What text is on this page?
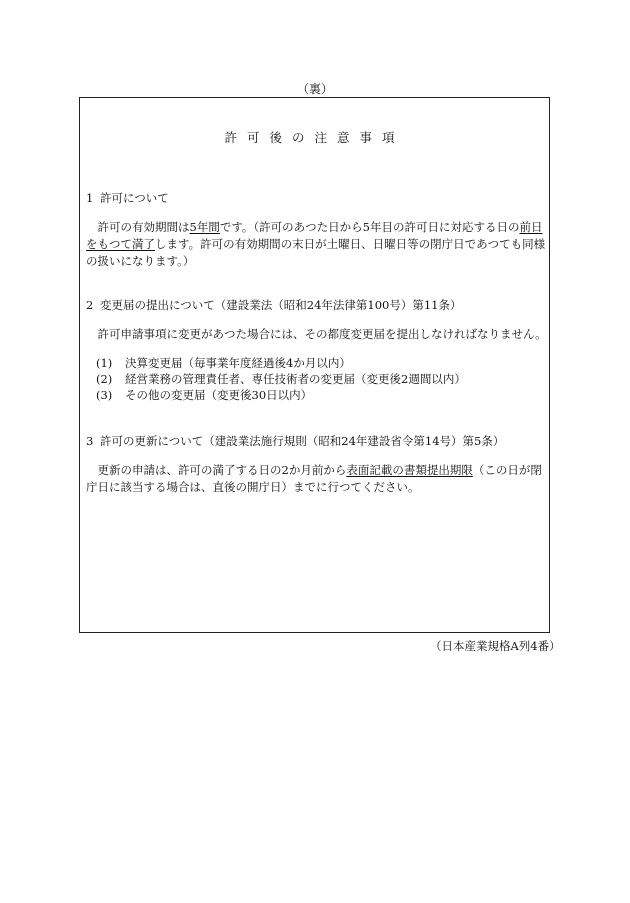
（裏）
許可後の注意事項
1 許可について
　許可の有効期間は5年間です。（許可のあつた日から5年目の許可日に対応する日の前日をもつて満了します。許可の有効期間の末日が土曜日、日曜日等の閉庁日であつても同様の扱いになります。）
2 変更届の提出について（建設業法（昭和24年法律第100号）第11条）
　許可申請事項に変更があつた場合には、その都度変更届を提出しなければなりません。
(1) 決算変更届（毎事業年度経過後4か月以内）
(2) 経営業務の管理責任者、専任技術者の変更届（変更後2週間以内）
(3) その他の変更届（変更後30日以内）
3 許可の更新について（建設業法施行規則（昭和24年建設省令第14号）第5条）
　更新の申請は、許可の満了する日の2か月前から表面記載の書類提出期限（この日が閉庁日に該当する場合は、直後の開庁日）までに行つてください。
（日本産業規格A列4番）
